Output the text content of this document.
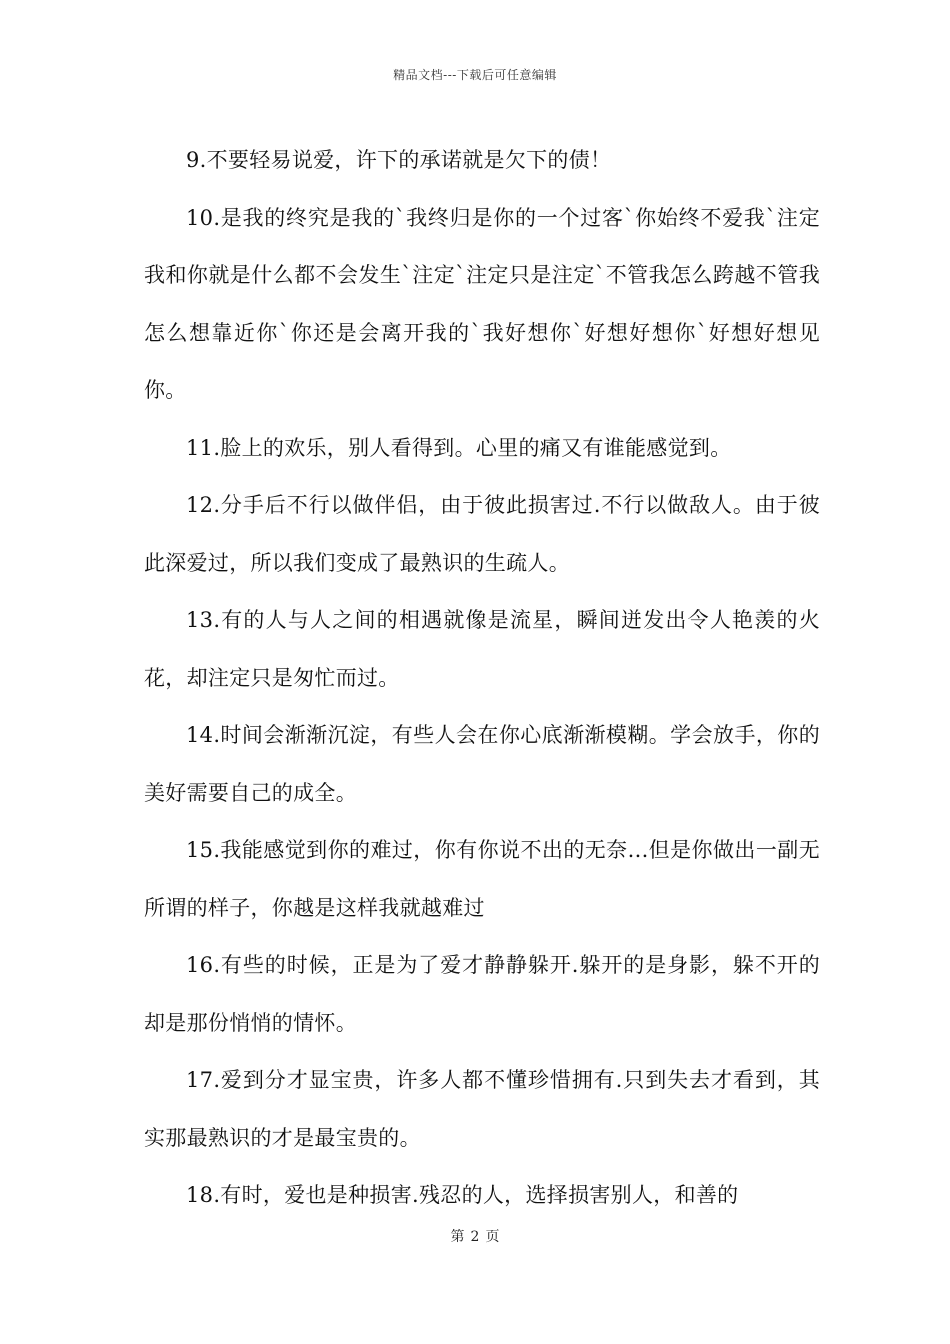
精品文档---下载后可任意编辑

9.不要轻易说爱，许下的承诺就是欠下的债！

10.是我的终究是我的`我终归是你的一个过客`你始终不爱我`注定我和你就是什么都不会发生`注定`注定只是注定`不管我怎么跨越不管我怎么想靠近你`你还是会离开我的`我好想你`好想好想你`好想好想见你。

11.脸上的欢乐，别人看得到。心里的痛又有谁能感觉到。

12.分手后不行以做伴侣，由于彼此损害过.不行以做敌人。由于彼此深爱过，所以我们变成了最熟识的生疏人。

13.有的人与人之间的相遇就像是流星，瞬间迸发出令人艳羡的火花，却注定只是匆忙而过。

14.时间会渐渐沉淀，有些人会在你心底渐渐模糊。学会放手，你的美好需要自己的成全。

15.我能感觉到你的难过，你有你说不出的无奈...但是你做出一副无所谓的样子，你越是这样我就越难过

16.有些的时候，正是为了爱才静静躲开.躲开的是身影，躲不开的却是那份悄悄的情怀。

17.爱到分才显宝贵，许多人都不懂珍惜拥有.只到失去才看到，其实那最熟识的才是最宝贵的。

18.有时，爱也是种损害.残忍的人，选择损害别人，和善的

第 2 页
